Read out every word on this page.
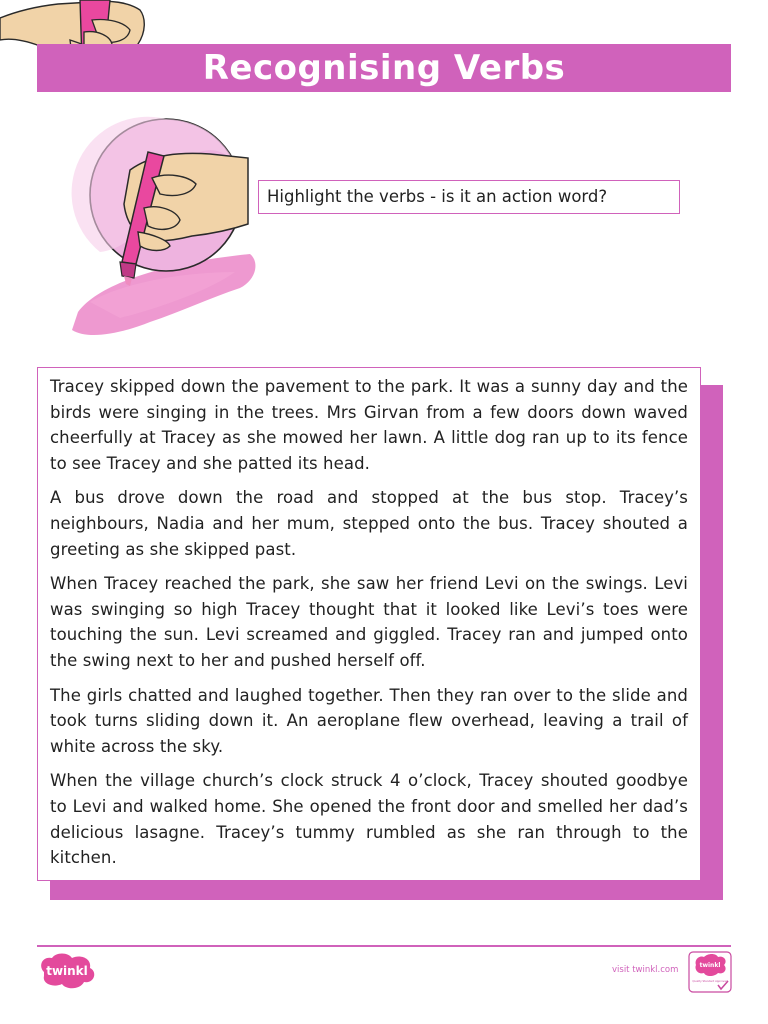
Recognising Verbs
Highlight the verbs - is it an action word?

Tracey skipped down the pavement to the park. It was a sunny day and the birds were singing in the trees. Mrs Girvan from a few doors down waved cheerfully at Tracey as she mowed her lawn. A little dog ran up to its fence to see Tracey and she patted its head.

A bus drove down the road and stopped at the bus stop. Tracey’s neighbours, Nadia and her mum, stepped onto the bus. Tracey shouted a greeting as she skipped past.

When Tracey reached the park, she saw her friend Levi on the swings. Levi was swinging so high Tracey thought that it looked like Levi’s toes were touching the sun. Levi screamed and giggled. Tracey ran and jumped onto the swing next to her and pushed herself off.

The girls chatted and laughed together. Then they ran over to the slide and took turns sliding down it. An aeroplane flew overhead, leaving a trail of white across the sky.

When the village church’s clock struck 4 o’clock, Tracey shouted goodbye to Levi and walked home. She opened the front door and smelled her dad’s delicious lasagne. Tracey’s tummy rumbled as she ran through to the kitchen.

twinkl	visit twinkl.com	twinkl
Quality Standard Approved
